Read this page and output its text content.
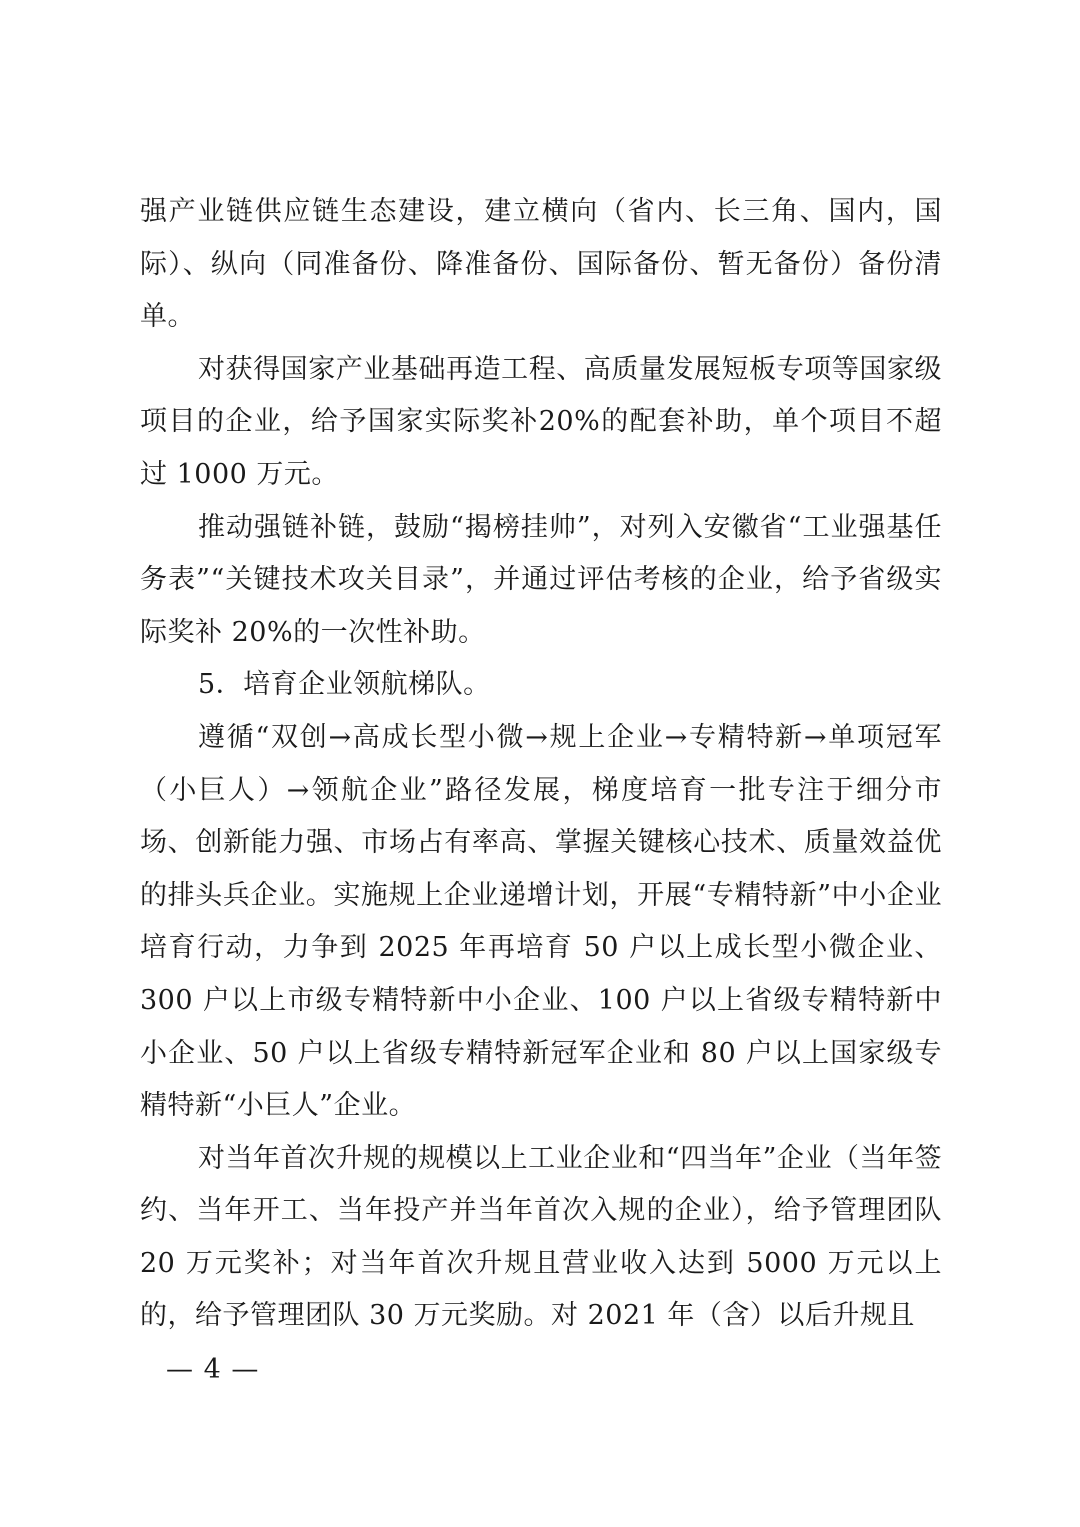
强产业链供应链生态建设，建立横向（省内、长三角、国内，国际）、纵向（同准备份、降准备份、国际备份、暂无备份）备份清单。

对获得国家产业基础再造工程、高质量发展短板专项等国家级项目的企业，给予国家实际奖补20%的配套补助，单个项目不超过 1000 万元。

推动强链补链，鼓励“揭榜挂帅”，对列入安徽省“工业强基任务表”“关键技术攻关目录”，并通过评估考核的企业，给予省级实际奖补 20%的一次性补助。

5．培育企业领航梯队。

遵循“双创→高成长型小微→规上企业→专精特新→单项冠军（小巨人）→领航企业”路径发展，梯度培育一批专注于细分市场、创新能力强、市场占有率高、掌握关键核心技术、质量效益优的排头兵企业。实施规上企业递增计划，开展“专精特新”中小企业培育行动，力争到 2025 年再培育 50 户以上成长型小微企业、300 户以上市级专精特新中小企业、100 户以上省级专精特新中小企业、50 户以上省级专精特新冠军企业和 80 户以上国家级专精特新“小巨人”企业。

对当年首次升规的规模以上工业企业和“四当年”企业（当年签约、当年开工、当年投产并当年首次入规的企业），给予管理团队 20 万元奖补；对当年首次升规且营业收入达到 5000 万元以上的，给予管理团队 30 万元奖励。对 2021 年（含）以后升规且

— 4 —
